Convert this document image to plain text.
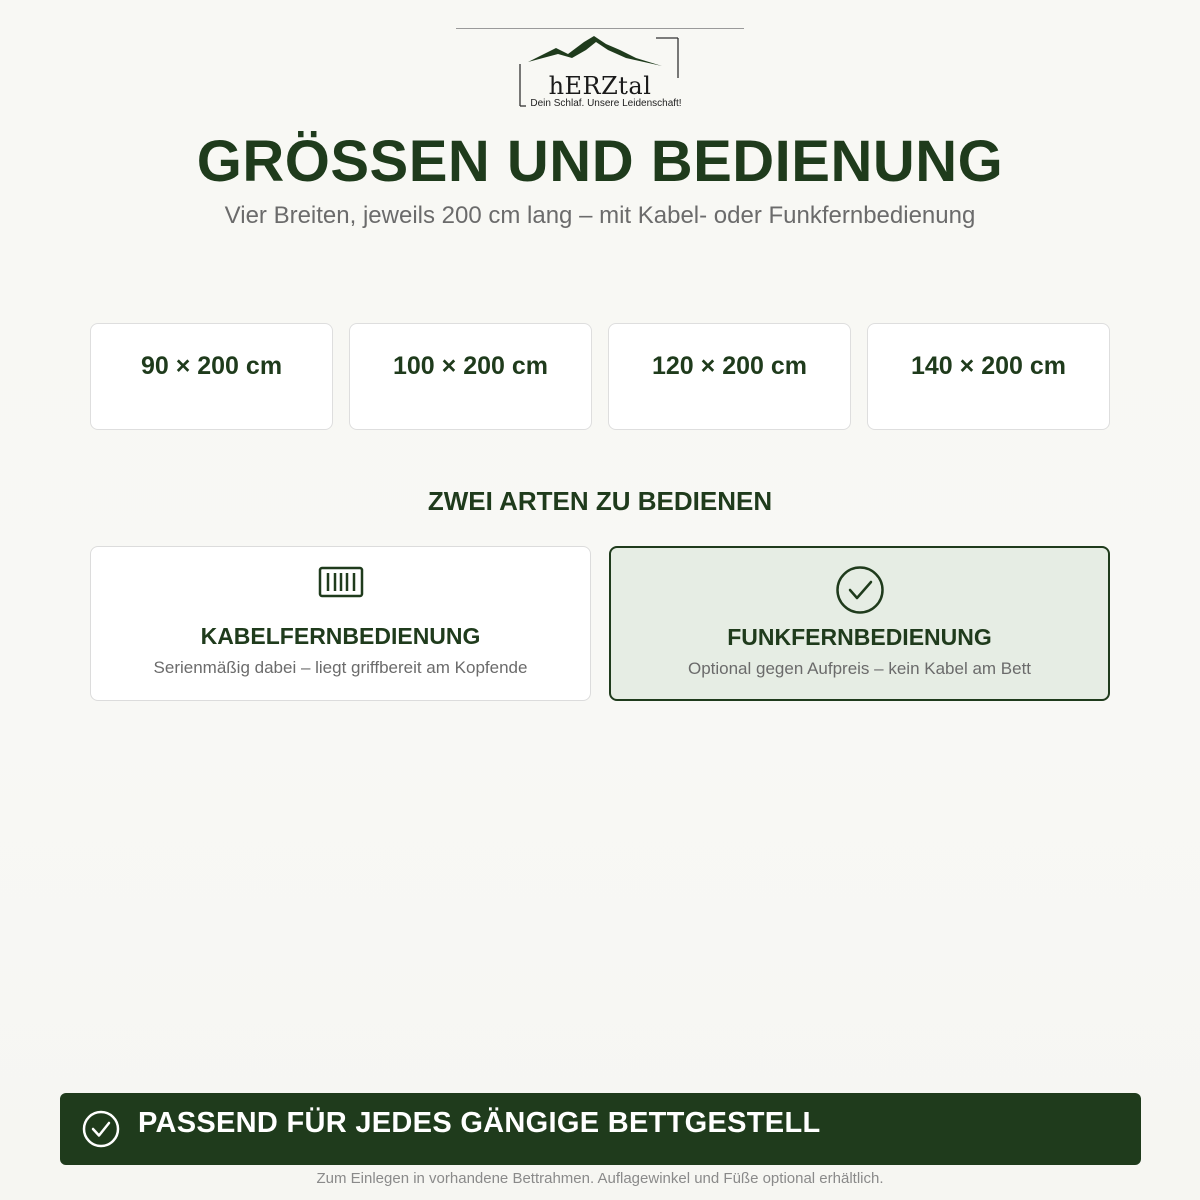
hERZtal
Dein Schlaf. Unsere Leidenschaft!
GRÖSSEN UND BEDIENUNG
Vier Breiten, jeweils 200 cm lang – mit Kabel- oder Funkfernbedienung
90 × 200 cm	100 × 200 cm	120 × 200 cm	140 × 200 cm
ZWEI ARTEN ZU BEDIENEN
KABELFERNBEDIENUNG
Serienmäßig dabei – liegt griffbereit am Kopfende
FUNKFERNBEDIENUNG
Optional gegen Aufpreis – kein Kabel am Bett
PASSEND FÜR JEDES GÄNGIGE BETTGESTELL
Zum Einlegen in vorhandene Bettrahmen. Auflagewinkel und Füße optional erhältlich.
